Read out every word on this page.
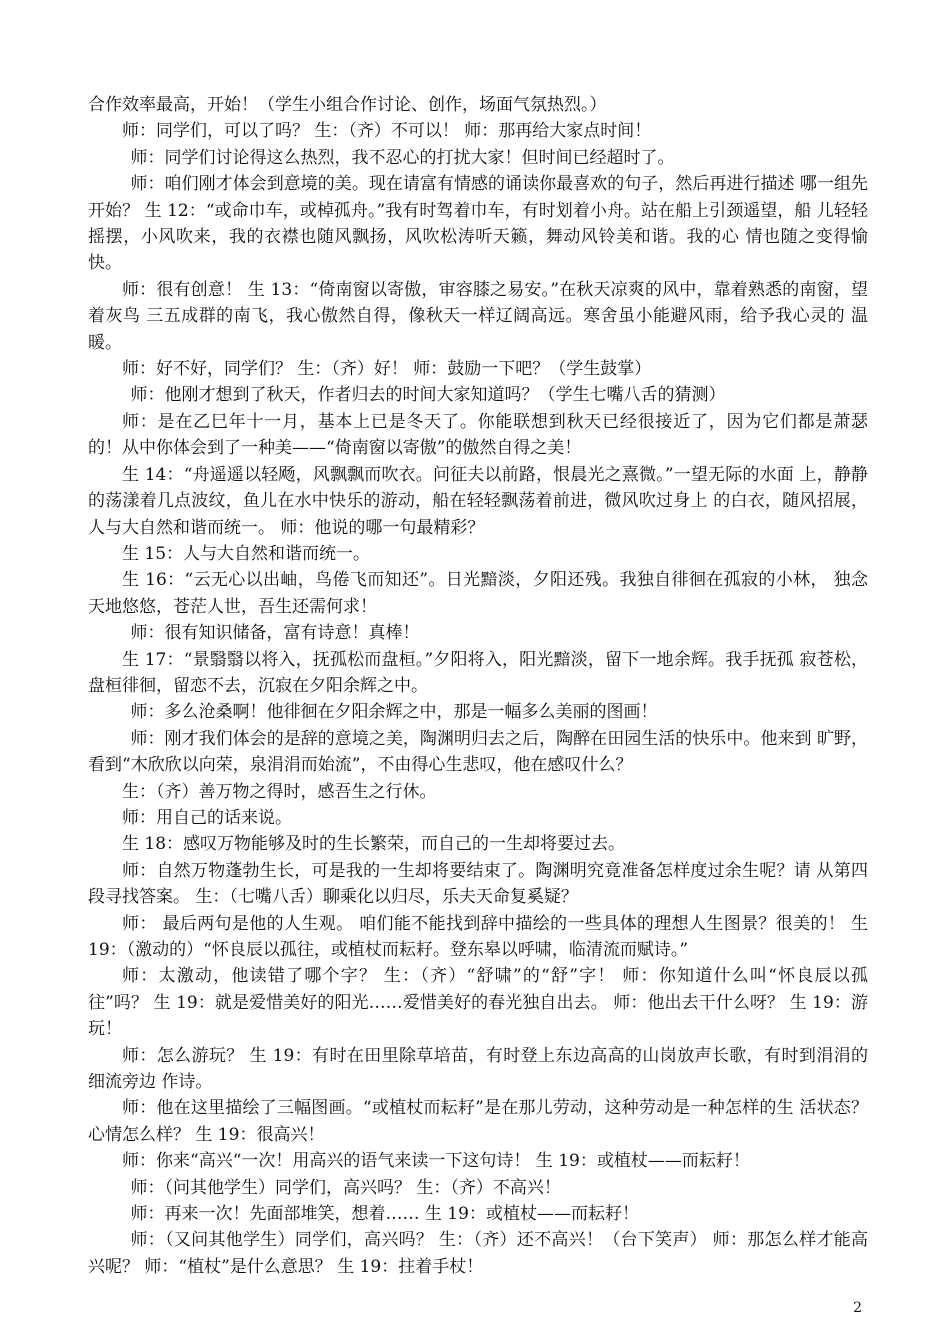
合作效率最高，开始！（学生小组合作讨论、创作，场面气氛热烈。）

师：同学们，可以了吗？ 生：（齐）不可以！ 师：那再给大家点时间！

师：同学们讨论得这么热烈，我不忍心的打扰大家！但时间已经超时了。

师：咱们刚才体会到意境的美。现在请富有情感的诵读你最喜欢的句子，然后再进行描述 哪一组先开始？ 生 12：“或命巾车，或棹孤舟。”我有时驾着巾车，有时划着小舟。站在船上引颈遥望，船 儿轻轻摇摆，小风吹来，我的衣襟也随风飘扬，风吹松涛听天籁，舞动风铃美和谐。我的心 情也随之变得愉快。

师：很有创意！ 生 13：“倚南窗以寄傲，审容膝之易安。”在秋天凉爽的风中，靠着熟悉的南窗，望着灰鸟 三五成群的南飞，我心傲然自得，像秋天一样辽阔高远。寒舍虽小能避风雨，给予我心灵的 温暖。

师：好不好，同学们？ 生：（齐）好！ 师：鼓励一下吧？（学生鼓掌）

师：他刚才想到了秋天，作者归去的时间大家知道吗？（学生七嘴八舌的猜测）

师：是在乙巳年十一月，基本上已是冬天了。你能联想到秋天已经很接近了，因为它们都是萧瑟的！从中你体会到了一种美——“倚南窗以寄傲”的傲然自得之美！

生 14：“舟遥遥以轻飏，风飘飘而吹衣。问征夫以前路，恨晨光之熹微。”一望无际的水面 上，静静的荡漾着几点波纹，鱼儿在水中快乐的游动，船在轻轻飘荡着前进，微风吹过身上 的白衣，随风招展，人与大自然和谐而统一。 师：他说的哪一句最精彩？

生 15：人与大自然和谐而统一。

生 16：“云无心以出岫，鸟倦飞而知还”。日光黯淡，夕阳还残。我独自徘徊在孤寂的小林， 独念天地悠悠，苍茫人世，吾生还需何求！

师：很有知识储备，富有诗意！真棒！

生 17：“景翳翳以将入，抚孤松而盘桓。”夕阳将入，阳光黯淡，留下一地余辉。我手抚孤 寂苍松，盘桓徘徊，留恋不去，沉寂在夕阳余辉之中。

师：多么沧桑啊！他徘徊在夕阳余辉之中，那是一幅多么美丽的图画！

师：刚才我们体会的是辞的意境之美，陶渊明归去之后，陶醉在田园生活的快乐中。他来到 旷野，看到“木欣欣以向荣，泉涓涓而始流”，不由得心生悲叹，他在感叹什么？

生：（齐）善万物之得时，感吾生之行休。

师：用自己的话来说。

生 18：感叹万物能够及时的生长繁荣，而自己的一生却将要过去。

师：自然万物蓬勃生长，可是我的一生却将要结束了。陶渊明究竟准备怎样度过余生呢？请 从第四段寻找答案。 生：（七嘴八舌）聊乘化以归尽，乐夫天命复奚疑？

师： 最后两句是他的人生观。 咱们能不能找到辞中描绘的一些具体的理想人生图景？很美的！ 生 19：（激动的）“怀良辰以孤往，或植杖而耘耔。登东皋以呼啸，临清流而赋诗。”

师：太激动，他读错了哪个字？ 生：（齐）“舒啸”的“舒”字！ 师：你知道什么叫“怀良辰以孤往”吗？ 生 19：就是爱惜美好的阳光……爱惜美好的春光独自出去。 师：他出去干什么呀？ 生 19：游玩！

师：怎么游玩？ 生 19：有时在田里除草培苗，有时登上东边高高的山岗放声长歌，有时到涓涓的细流旁边 作诗。

师：他在这里描绘了三幅图画。“或植杖而耘耔”是在那儿劳动，这种劳动是一种怎样的生 活状态？心情怎么样？ 生 19：很高兴！

师：你来“高兴“一次！用高兴的语气来读一下这句诗！ 生 19：或植杖——而耘耔！

师：（问其他学生）同学们，高兴吗？ 生：（齐）不高兴！

师：再来一次！先面部堆笑，想着…… 生 19：或植杖——而耘耔！

师：（又问其他学生）同学们，高兴吗？ 生：（齐）还不高兴！（台下笑声） 师：那怎么样才能高兴呢？ 师：“植杖”是什么意思？ 生 19：拄着手杖！

2
